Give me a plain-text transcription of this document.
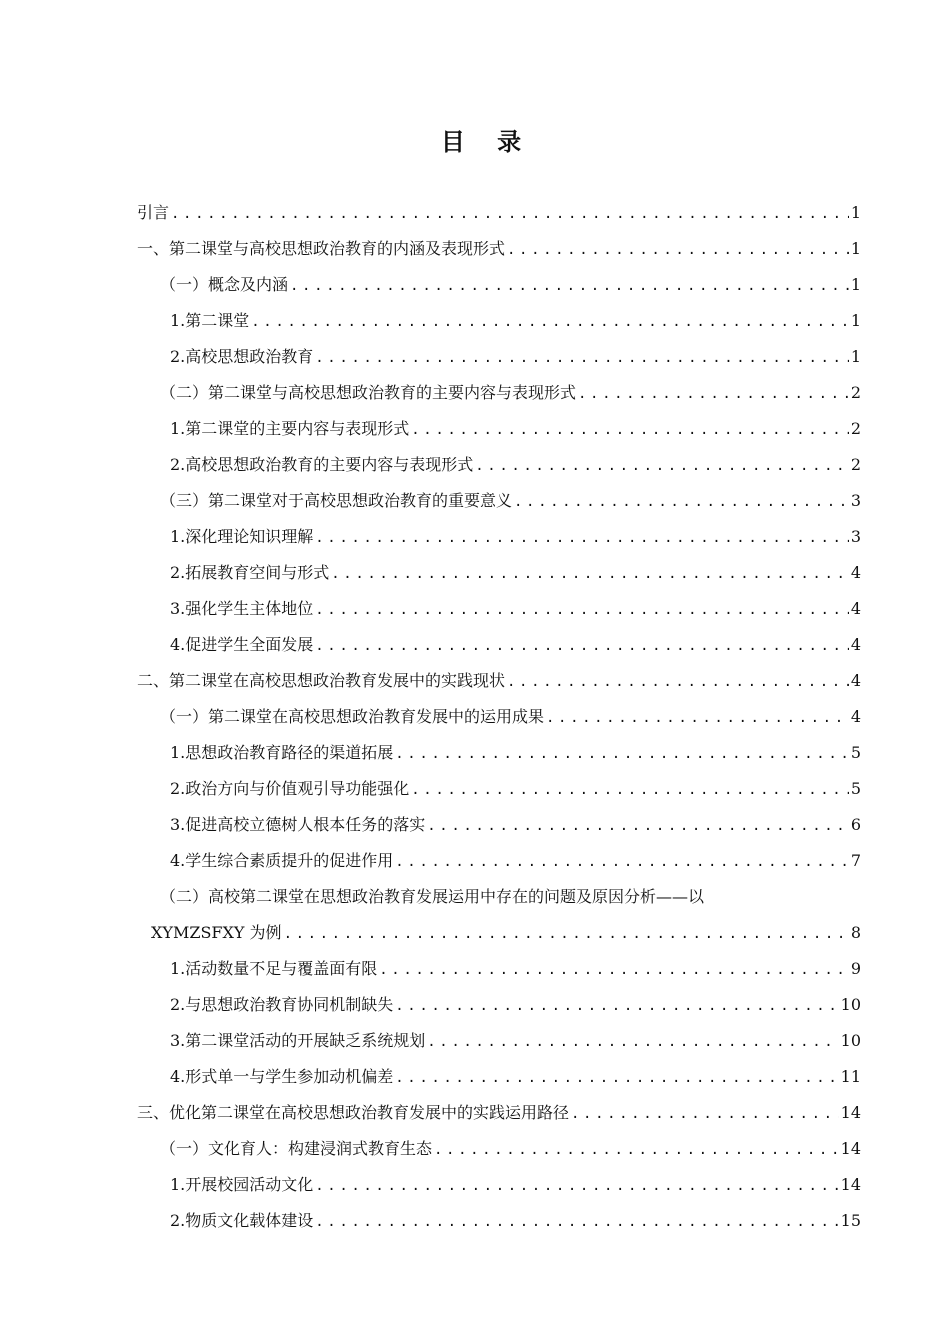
目 录
引言 .....	1
一、第二课堂与高校思想政治教育的内涵及表现形式 .....	1
（一）概念及内涵 .....	1
1.第二课堂 .....	1
2.高校思想政治教育 .....	1
（二）第二课堂与高校思想政治教育的主要内容与表现形式 .....	2
1.第二课堂的主要内容与表现形式 .....	2
2.高校思想政治教育的主要内容与表现形式 .....	2
（三）第二课堂对于高校思想政治教育的重要意义 .....	3
1.深化理论知识理解 .....	3
2.拓展教育空间与形式 .....	4
3.强化学生主体地位 .....	4
4.促进学生全面发展 .....	4
二、第二课堂在高校思想政治教育发展中的实践现状 .....	4
（一）第二课堂在高校思想政治教育发展中的运用成果 .....	4
1.思想政治教育路径的渠道拓展 .....	5
2.政治方向与价值观引导功能强化 .....	5
3.促进高校立德树人根本任务的落实 .....	6
4.学生综合素质提升的促进作用 .....	7
（二）高校第二课堂在思想政治教育发展运用中存在的问题及原因分析——以
XYMZSFXY 为例 .....	8
1.活动数量不足与覆盖面有限 .....	9
2.与思想政治教育协同机制缺失 .....	10
3.第二课堂活动的开展缺乏系统规划 .....	10
4.形式单一与学生参加动机偏差 .....	11
三、优化第二课堂在高校思想政治教育发展中的实践运用路径 .....	14
（一）文化育人：构建浸润式教育生态 .....	14
1.开展校园活动文化 .....	14
2.物质文化载体建设 .....	15
